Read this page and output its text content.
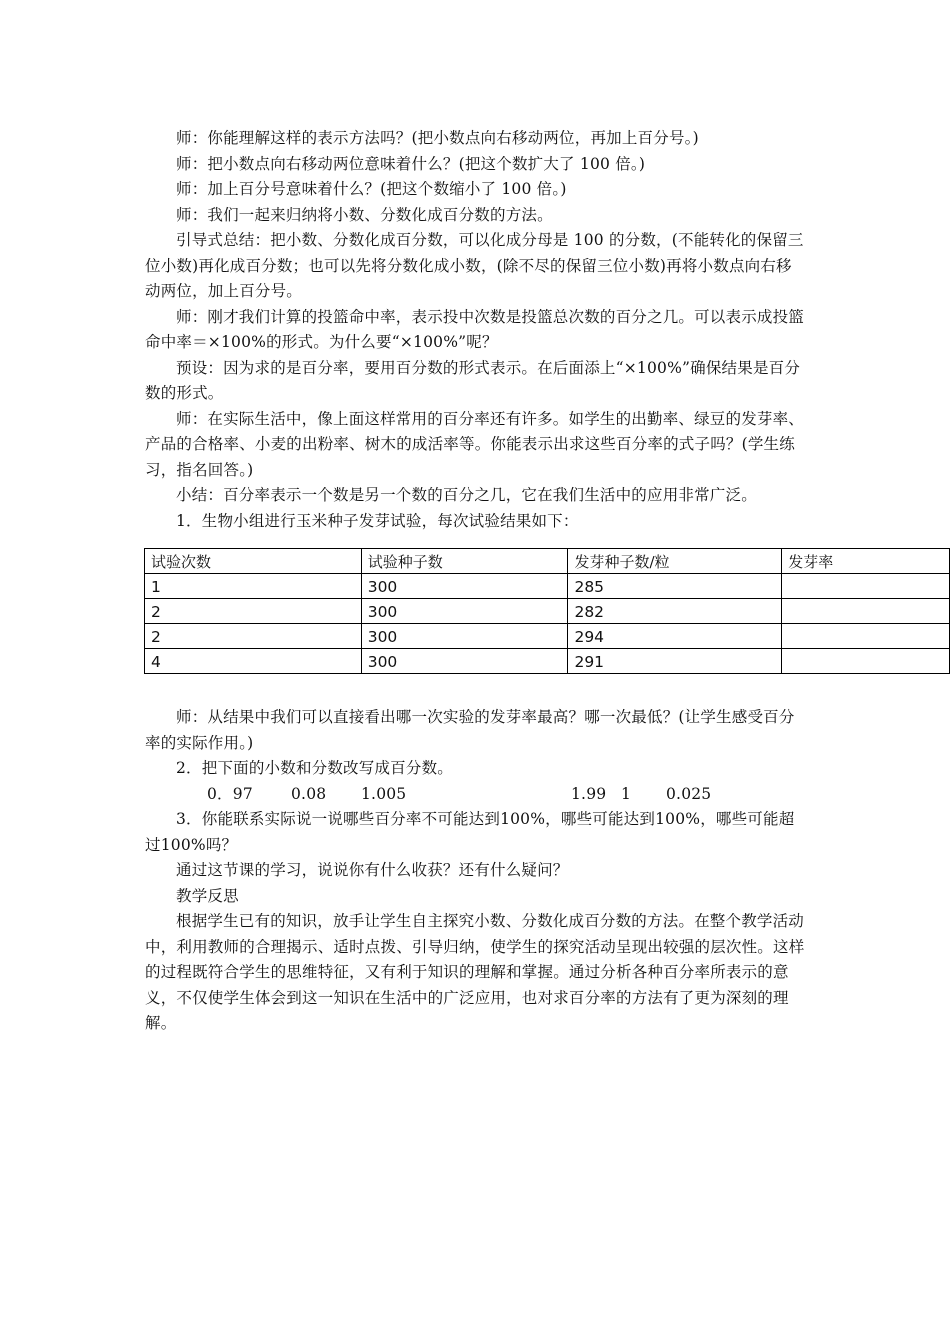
师：你能理解这样的表示方法吗？(把小数点向右移动两位，再加上百分号。)

师：把小数点向右移动两位意味着什么？(把这个数扩大了 100 倍。)

师：加上百分号意味着什么？(把这个数缩小了 100 倍。)

师：我们一起来归纳将小数、分数化成百分数的方法。

引导式总结：把小数、分数化成百分数，可以化成分母是 100 的分数，(不能转化的保留三位小数)再化成百分数；也可以先将分数化成小数，(除不尽的保留三位小数)再将小数点向右移动两位，加上百分号。

师：刚才我们计算的投篮命中率，表示投中次数是投篮总次数的百分之几。可以表示成投篮命中率＝×100%的形式。为什么要“×100%”呢？

预设：因为求的是百分率，要用百分数的形式表示。在后面添上“×100%”确保结果是百分数的形式。

师：在实际生活中，像上面这样常用的百分率还有许多。如学生的出勤率、绿豆的发芽率、产品的合格率、小麦的出粉率、树木的成活率等。你能表示出求这些百分率的式子吗？(学生练习，指名回答。)

小结：百分率表示一个数是另一个数的百分之几，它在我们生活中的应用非常广泛。

1．生物小组进行玉米种子发芽试验，每次试验结果如下：

试验次数	试验种子数	发芽种子数/粒	发芽率
1	300	285	
2	300	282	
2	300	294	
4	300	291	

师：从结果中我们可以直接看出哪一次实验的发芽率最高？哪一次最低？(让学生感受百分率的实际作用。)

2．把下面的小数和分数改写成百分数。

0．97 0.08 1.005	1.99 1 0.025

3．你能联系实际说一说哪些百分率不可能达到100%，哪些可能达到100%，哪些可能超过100%吗？

通过这节课的学习，说说你有什么收获？还有什么疑问？

教学反思

根据学生已有的知识，放手让学生自主探究小数、分数化成百分数的方法。在整个教学活动中，利用教师的合理揭示、适时点拨、引导归纳，使学生的探究活动呈现出较强的层次性。这样的过程既符合学生的思维特征，又有利于知识的理解和掌握。通过分析各种百分率所表示的意义，不仅使学生体会到这一知识在生活中的广泛应用，也对求百分率的方法有了更为深刻的理解。
